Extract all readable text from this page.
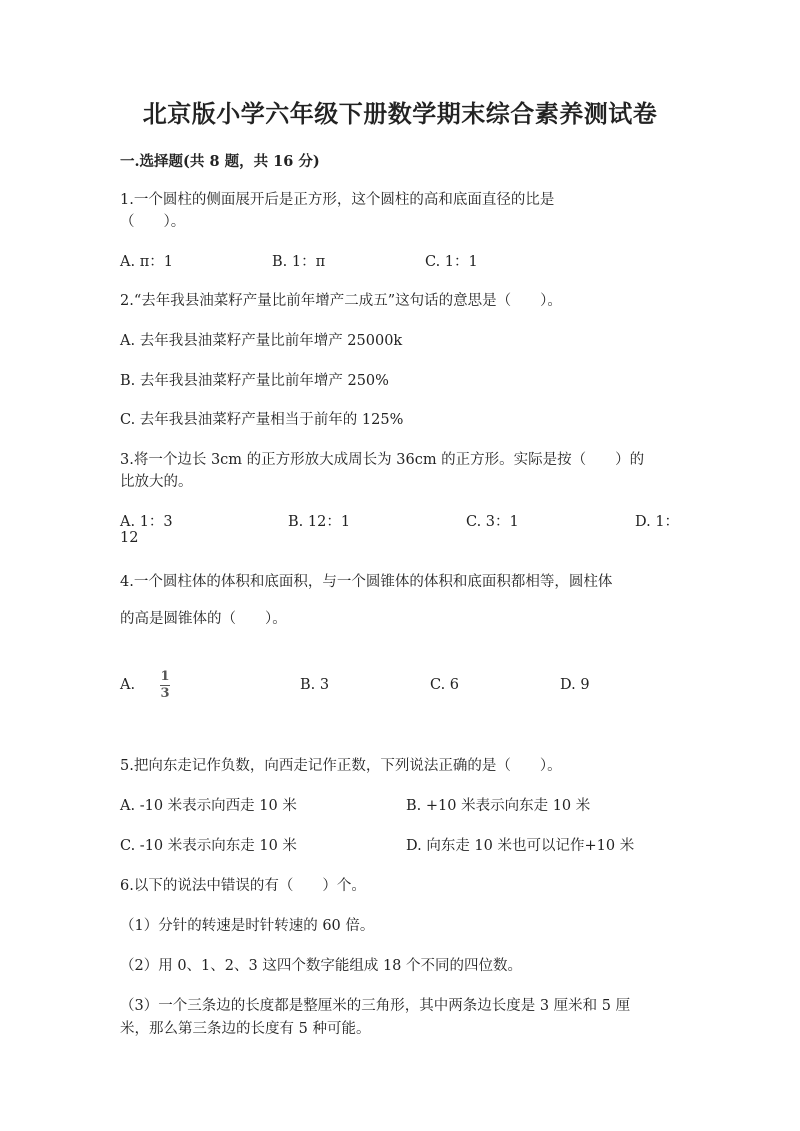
北京版小学六年级下册数学期末综合素养测试卷
一.选择题(共 8 题，共 16 分)
1.一个圆柱的侧面展开后是正方形，这个圆柱的高和底面直径的比是
（　　）。
A. π：1	B. 1：π	C. 1：1
2.“去年我县油菜籽产量比前年增产二成五”这句话的意思是（　　）。
A. 去年我县油菜籽产量比前年增产 25000k
B. 去年我县油菜籽产量比前年增产 250%
C. 去年我县油菜籽产量相当于前年的 125%
3.将一个边长 3cm 的正方形放大成周长为 36cm 的正方形。实际是按（　　）的
比放大的。
A. 1：3	B. 12：1	C. 3：1	D. 1：
12
4.一个圆柱体的体积和底面积，与一个圆锥体的体积和底面积都相等，圆柱体
的高是圆锥体的（　　）。
A.
1
3
B. 3	C. 6	D. 9
5.把向东走记作负数，向西走记作正数，下列说法正确的是（　　）。
A. -10 米表示向西走 10 米	B. +10 米表示向东走 10 米
C. -10 米表示向东走 10 米	D. 向东走 10 米也可以记作+10 米
6.以下的说法中错误的有（　　）个。
（1）分针的转速是时针转速的 60 倍。
（2）用 0、1、2、3 这四个数字能组成 18 个不同的四位数。
（3）一个三条边的长度都是整厘米的三角形，其中两条边长度是 3 厘米和 5 厘
米，那么第三条边的长度有 5 种可能。
